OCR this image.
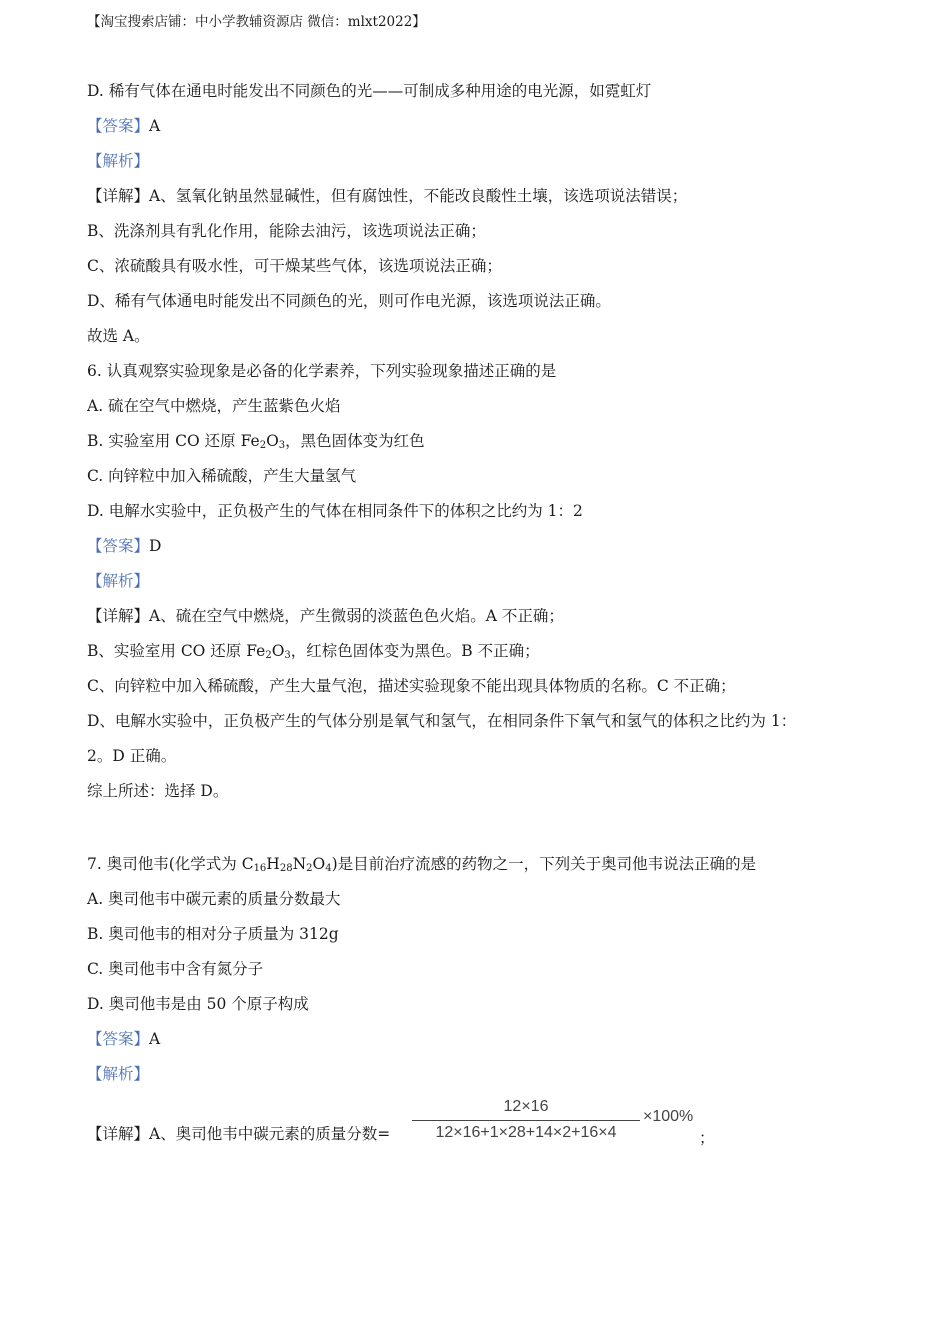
【淘宝搜索店铺：中小学教辅资源店 微信：mlxt2022】
D. 稀有气体在通电时能发出不同颜色的光——可制成多种用途的电光源，如霓虹灯
【答案】A
【解析】
【详解】A、氢氧化钠虽然显碱性，但有腐蚀性，不能改良酸性土壤，该选项说法错误；
B、洗涤剂具有乳化作用，能除去油污，该选项说法正确；
C、浓硫酸具有吸水性，可干燥某些气体，该选项说法正确；
D、稀有气体通电时能发出不同颜色的光，则可作电光源，该选项说法正确。
故选 A。
6. 认真观察实验现象是必备的化学素养，下列实验现象描述正确的是
A. 硫在空气中燃烧，产生蓝紫色火焰
B. 实验室用 CO 还原 $Fe_2O_3$，黑色固体变为红色
C. 向锌粒中加入稀硫酸，产生大量氢气
D. 电解水实验中，正负极产生的气体在相同条件下的体积之比约为 1：2
【答案】D
【解析】
【详解】A、硫在空气中燃烧，产生微弱的淡蓝色色火焰。A 不正确；
B、实验室用 CO 还原 $Fe_2O_3$，红棕色固体变为黑色。B 不正确；
C、向锌粒中加入稀硫酸，产生大量气泡，描述实验现象不能出现具体物质的名称。C 不正确；
D、电解水实验中，正负极产生的气体分别是氧气和氢气，在相同条件下氧气和氢气的体积之比约为 1：
2。D 正确。
综上所述：选择 D。
7. 奥司他韦(化学式为 $C_{16}H_{28}N_2O_4$)是目前治疗流感的药物之一，下列关于奥司他韦说法正确的是
A. 奥司他韦中碳元素的质量分数最大
B. 奥司他韦的相对分子质量为 312g
C. 奥司他韦中含有氮分子
D. 奥司他韦是由 50 个原子构成
【答案】A
【解析】
【详解】A、奥司他韦中碳元素的质量分数= $\frac{12\times 16}{12\times 16+1\times 28+14\times 2+16\times 4} \times 100\%$
；
